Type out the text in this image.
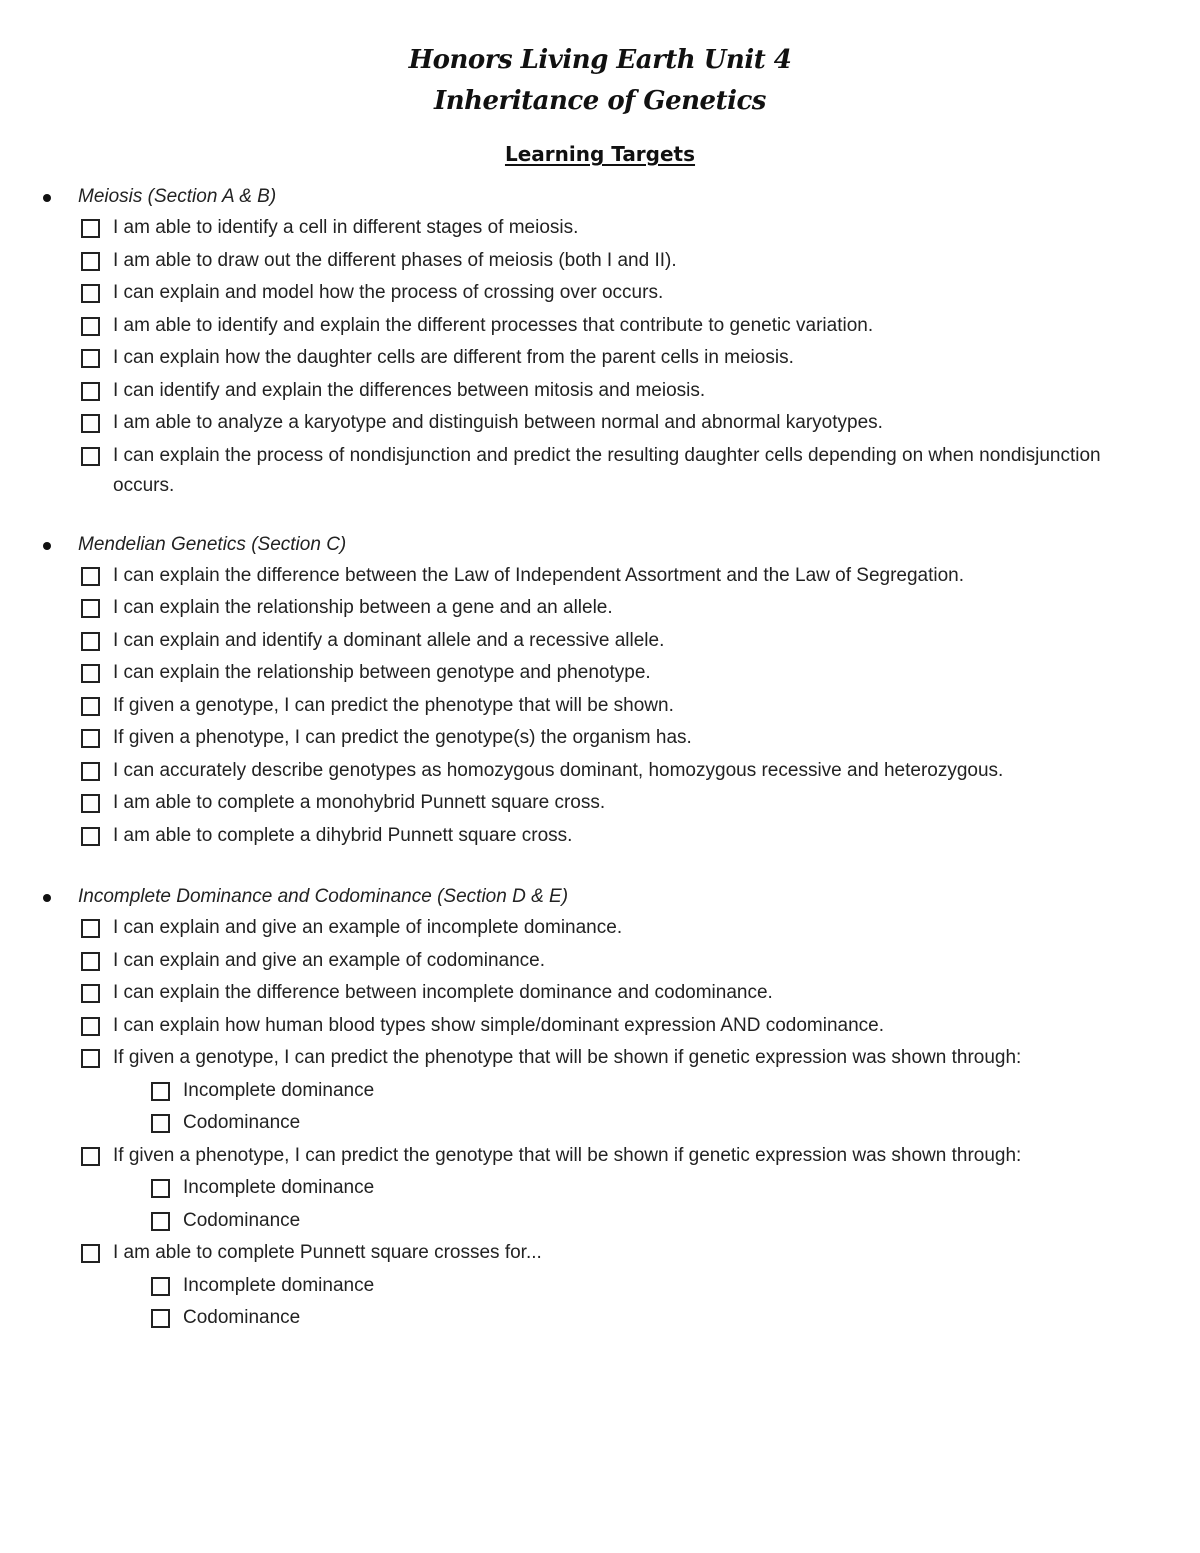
Honors Living Earth Unit 4
Inheritance of Genetics
Learning Targets
Meiosis (Section A & B)
I am able to identify a cell in different stages of meiosis.
I am able to draw out the different phases of meiosis (both I and II).
I can explain and model how the process of crossing over occurs.
I am able to identify and explain the different processes that contribute to genetic variation.
I can explain how the daughter cells are different from the parent cells in meiosis.
I can identify and explain the differences between mitosis and meiosis.
I am able to analyze a karyotype and distinguish between normal and abnormal karyotypes.
I can explain the process of nondisjunction and predict the resulting daughter cells depending on when nondisjunction occurs.
Mendelian Genetics (Section C)
I can explain the difference between the Law of Independent Assortment and the Law of Segregation.
I can explain the relationship between a gene and an allele.
I can explain and identify a dominant allele and a recessive allele.
I can explain the relationship between genotype and phenotype.
If given a genotype, I can predict the phenotype that will be shown.
If given a phenotype, I can predict the genotype(s) the organism has.
I can accurately describe genotypes as homozygous dominant, homozygous recessive and heterozygous.
I am able to complete a monohybrid Punnett square cross.
I am able to complete a dihybrid Punnett square cross.
Incomplete Dominance and Codominance (Section D & E)
I can explain and give an example of incomplete dominance.
I can explain and give an example of codominance.
I can explain the difference between incomplete dominance and codominance.
I can explain how human blood types show simple/dominant expression AND codominance.
If given a genotype, I can predict the phenotype that will be shown if genetic expression was shown through:
Incomplete dominance
Codominance
If given a phenotype, I can predict the genotype that will be shown if genetic expression was shown through:
Incomplete dominance
Codominance
I am able to complete Punnett square crosses for...
Incomplete dominance
Codominance
